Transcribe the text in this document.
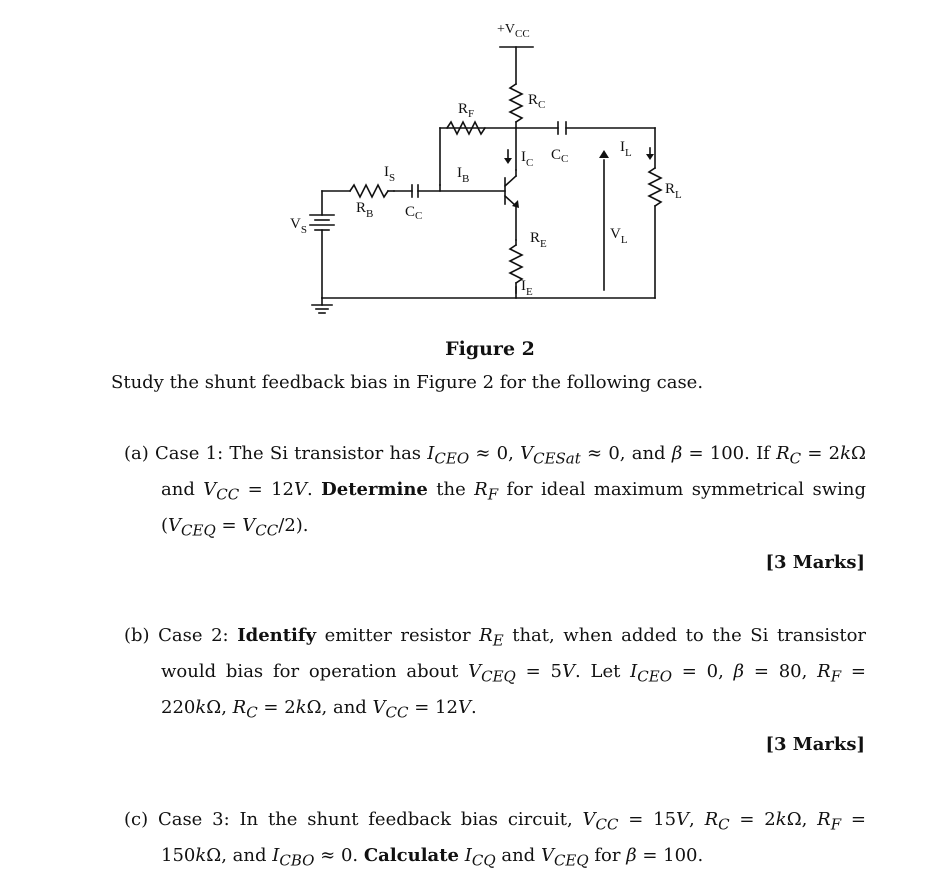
$+V_{CC}$
$R_C$
$R_F$
$C_C$
$I_C$
$I_L$
$R_L$
$I_S$	$I_B$
$R_B$ $C_C$
$V_S$	$R_E$
$V_L$
$I_E$
Figure 2
Study the shunt feedback bias in Figure 2 for the following case.
(a) Case 1: The Si transistor has $I_{CEO} \approx 0$, $V_{CESat} \approx 0$, and β = 100. If $R_C = 2k\Omega$
and $V_{CC} = 12V$. Determine the $R_F$ for ideal maximum symmetrical swing
$(V_{CEQ} = V_{CC}/2)$.
[3 Marks]
(b) Case 2: Identify emitter resistor $R_E$ that, when added to the Si transistor
would bias for operation about $V_{CEQ} = 5V$. Let $I_{CEO} = 0$, β = 80, $R_F$ =
220kΩ, $R_C = 2k\Omega$, and $V_{CC} = 12V$.
[3 Marks]
(c) Case 3: In the shunt feedback bias circuit, $V_{CC} = 15V$, $R_C = 2k\Omega$, $R_F$ =
150kΩ, and $I_{CBO} \approx 0$. Calculate $I_{CQ}$ and $V_{CEQ}$ for β = 100.
